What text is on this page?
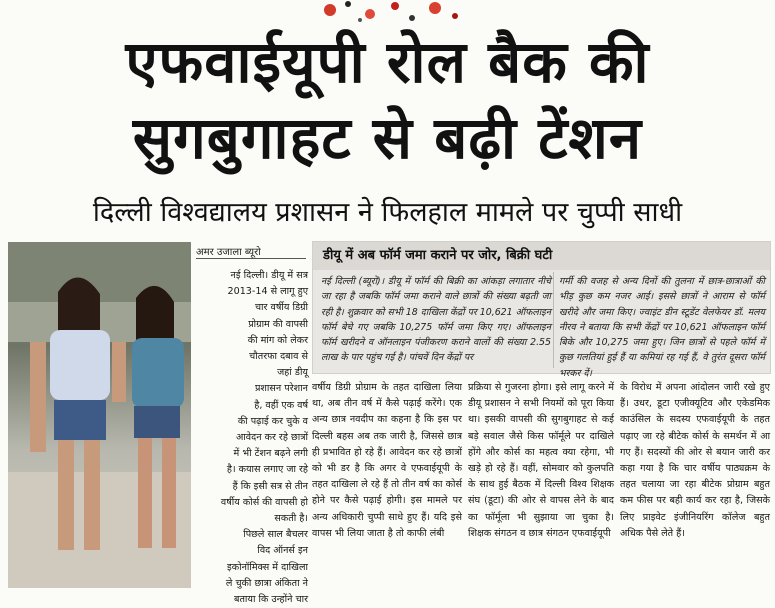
एफवाईयूपी रोल बैक की
सुगबुगाहट से बढ़ी टेंशन
दिल्ली विश्वद्यालय प्रशासन ने फिलहाल मामले पर चुप्पी साधी
अमर उजाला ब्यूरो
नई दिल्ली। डीयू में सत्र
2013-14 से लागू हुए
चार वर्षीय डिग्री
प्रोग्राम की वापसी
की मांग को लेकर
चौतरफा दबाव से
जहां डीयू
प्रशासन परेशान
है, वहीं एक वर्ष
की पढ़ाई कर चुके व
आवेदन कर रहे छात्रों
में भी टेंशन बढ़ने लगी
है। कयास लगाए जा रहे
हैं कि इसी सत्र से तीन
वर्षीय कोर्स की वापसी हो
सकती है।
पिछले साल बैचलर
विद ऑनर्स इन
इकोनॉमिक्स में दाखिला
ले चुकी छात्रा अंकिता ने
बताया कि उन्होंने चार
डीयू में अब फॉर्म जमा कराने पर जोर, बिक्री घटी
नई दिल्ली (ब्यूरो)। डीयू में फॉर्म की बिक्री का आंकड़ा लगातार नीचे जा रहा है जबकि फॉर्म जमा कराने वाले छात्रों की संख्या बढ़ती जा रही है। शुक्रवार को सभी 18 दाखिला केंद्रों पर 10,621 ऑफलाइन फॉर्म बेचे गए जबकि 10,275 फॉर्म जमा किए गए। ऑफलाइन फॉर्म खरीदने व ऑनलाइन पंजीकरण कराने वालों की संख्या 2.55 लाख के पार पहुंच गई है। पांचवें दिन केंद्रों पर
गर्मी की वजह से अन्य दिनों की तुलना में छात्र-छात्राओं की भीड़ कुछ कम नजर आई। इससे छात्रों ने आराम से फॉर्म खरीदे और जमा किए। ज्वाइंट डीन स्टूडेंट वेलफेयर डॉ. मलय नीरव ने बताया कि सभी केंद्रों पर 10,621 ऑफलाइन फॉर्म बिके और 10,275 जमा हुए। जिन छात्रों से पहले फॉर्म में कुछ गलतियां हुई हैं या कमियां रह गई हैं, वे तुरंत दूसरा फॉर्म भरकर दें।
वर्षीय डिग्री प्रोग्राम के तहत दाखिला लिया था, अब तीन वर्ष में कैसे पढ़ाई करेंगे। एक अन्य छात्र नवदीप का कहना है कि इस पर दिल्ली बहस अब तक जारी है, जिससे छात्र ही प्रभावित हो रहे हैं। आवेदन कर रहे छात्रों को भी डर है कि अगर वे एफवाईयूपी के तहत दाखिला ले रहे हैं तो तीन वर्ष का कोर्स होने पर कैसे पढ़ाई होगी। इस मामले पर अन्य अधिकारी चुप्पी साधे हुए हैं। यदि इसे वापस भी लिया जाता है तो काफी लंबी
प्रक्रिया से गुजरना होगा। इसे लागू करने में डीयू प्रशासन ने सभी नियमों को पूरा किया था। इसकी वापसी की सुगबुगाहट से कई बड़े सवाल जैसे किस फॉर्मूले पर दाखिले होंगे और कोर्स का महत्व क्या रहेगा, भी खड़े हो रहे हैं। वहीं, सोमवार को कुलपति के साथ हुई बैठक में दिल्ली विश्व शिक्षक संघ (डूटा) की ओर से वापस लेने के बाद का फॉर्मूला भी सुझाया जा चुका है। शिक्षक संगठन व छात्र संगठन एफवाईयूपी
के विरोध में अपना आंदोलन जारी रखे हुए हैं। उधर, डूटा एजीक्यूटिव और एकेडमिक काउंसिल के सदस्य एफवाईयूपी के तहत पढ़ाए जा रहे बीटेक कोर्स के समर्थन में आ गए हैं। सदस्यों की ओर से बयान जारी कर कहा गया है कि चार वर्षीय पाठ्यक्रम के तहत चलाया जा रहा बीटेक प्रोग्राम बहुत कम फीस पर बही कार्य कर रहा है, जिसके लिए प्राइवेट इंजीनियरिंग कॉलेज बहुत अधिक पैसे लेते हैं।
